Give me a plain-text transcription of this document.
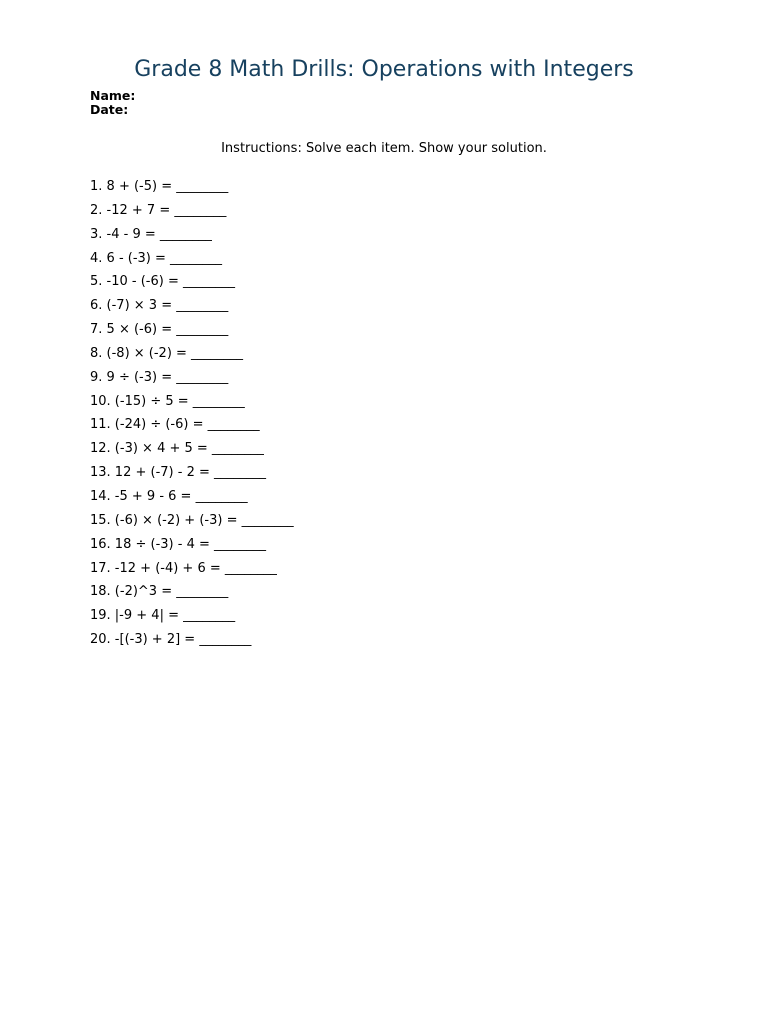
Grade 8 Math Drills: Operations with Integers
Name:
Date:
Instructions: Solve each item. Show your solution.
1. 8 + (-5) = ________
2. -12 + 7 = ________
3. -4 - 9 = ________
4. 6 - (-3) = ________
5. -10 - (-6) = ________
6. (-7) × 3 = ________
7. 5 × (-6) = ________
8. (-8) × (-2) = ________
9. 9 ÷ (-3) = ________
10. (-15) ÷ 5 = ________
11. (-24) ÷ (-6) = ________
12. (-3) × 4 + 5 = ________
13. 12 + (-7) - 2 = ________
14. -5 + 9 - 6 = ________
15. (-6) × (-2) + (-3) = ________
16. 18 ÷ (-3) - 4 = ________
17. -12 + (-4) + 6 = ________
18. (-2)^3 = ________
19. |-9 + 4| = ________
20. -[(-3) + 2] = ________
